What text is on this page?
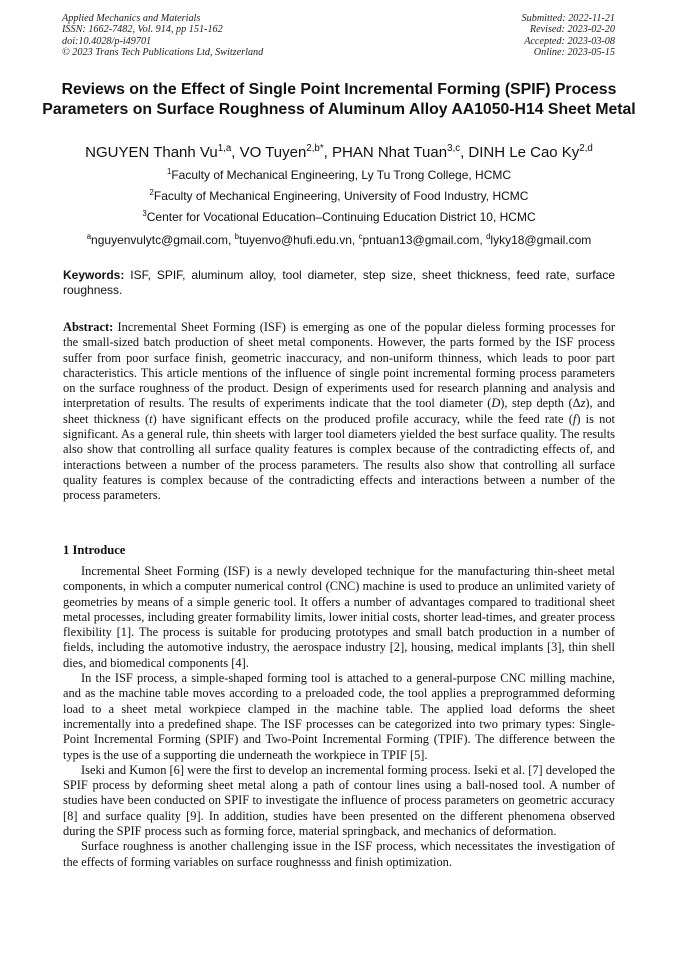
Applied Mechanics and Materials
ISSN: 1662-7482, Vol. 914, pp 151-162
doi:10.4028/p-i49701
© 2023 Trans Tech Publications Ltd, Switzerland
Submitted: 2022-11-21
Revised: 2023-02-20
Accepted: 2023-03-08
Online: 2023-05-15
Reviews on the Effect of Single Point Incremental Forming (SPIF) Process Parameters on Surface Roughness of Aluminum Alloy AA1050-H14 Sheet Metal
NGUYEN Thanh Vu$^{1,a}$, VO Tuyen$^{2,b*}$, PHAN Nhat Tuan$^{3,c}$, DINH Le Cao Ky$^{2,d}$
$^1$Faculty of Mechanical Engineering, Ly Tu Trong College, HCMC
$^2$Faculty of Mechanical Engineering, University of Food Industry, HCMC
$^3$Center for Vocational Education–Continuing Education District 10, HCMC
$^a$nguyenvulytc@gmail.com, $^b$tuyenvo@hufi.edu.vn, $^c$pntuan13@gmail.com, $^d$lyky18@gmail.com
Keywords: ISF, SPIF, aluminum alloy, tool diameter, step size, sheet thickness, feed rate, surface roughness.
Abstract: Incremental Sheet Forming (ISF) is emerging as one of the popular dieless forming processes for the small-sized batch production of sheet metal components. However, the parts formed by the ISF process suffer from poor surface finish, geometric inaccuracy, and non-uniform thinness, which leads to poor part characteristics. This article mentions of the influence of single point incremental forming process parameters on the surface roughness of the product. Design of experiments used for research planning and analysis and interpretation of results. The results of experiments indicate that the tool diameter (D), step depth (Δz), and sheet thickness (t) have significant effects on the produced profile accuracy, while the feed rate (f) is not significant. As a general rule, thin sheets with larger tool diameters yielded the best surface quality. The results also show that controlling all surface quality features is complex because of the contradicting effects of, and interactions between a number of the process parameters. The results also show that controlling all surface quality features is complex because of the contradicting effects and interactions between a number of the process parameters.
1 Introduce

Incremental Sheet Forming (ISF) is a newly developed technique for the manufacturing thin-sheet metal components, in which a computer numerical control (CNC) machine is used to produce an unlimited variety of geometries by means of a simple generic tool. It offers a number of advantages compared to traditional sheet metal processes, including greater formability limits, lower initial costs, shorter lead-times, and greater process flexibility [1]. The process is suitable for producing prototypes and small batch production in a number of fields, including the automotive industry, the aerospace industry [2], housing, medical implants [3], thin shell dies, and biomedical components [4].

In the ISF process, a simple-shaped forming tool is attached to a general-purpose CNC milling machine, and as the machine table moves according to a preloaded code, the tool applies a preprogrammed deforming load to a sheet metal workpiece clamped in the machine table. The applied load deforms the sheet incrementally into a predefined shape. The ISF processes can be categorized into two primary types: Single-Point Incremental Forming (SPIF) and Two-Point Incremental Forming (TPIF). The difference between the types is the use of a supporting die underneath the workpiece in TPIF [5].

Iseki and Kumon [6] were the first to develop an incremental forming process. Iseki et al. [7] developed the SPIF process by deforming sheet metal along a path of contour lines using a ball-nosed tool. A number of studies have been conducted on SPIF to investigate the influence of process parameters on geometric accuracy [8] and surface quality [9]. In addition, studies have been presented on the different phenomena observed during the SPIF process such as forming force, material springback, and mechanics of deformation.

Surface roughness is another challenging issue in the ISF process, which necessitates the investigation of the effects of forming variables on surface roughnesss and finish optimization.
